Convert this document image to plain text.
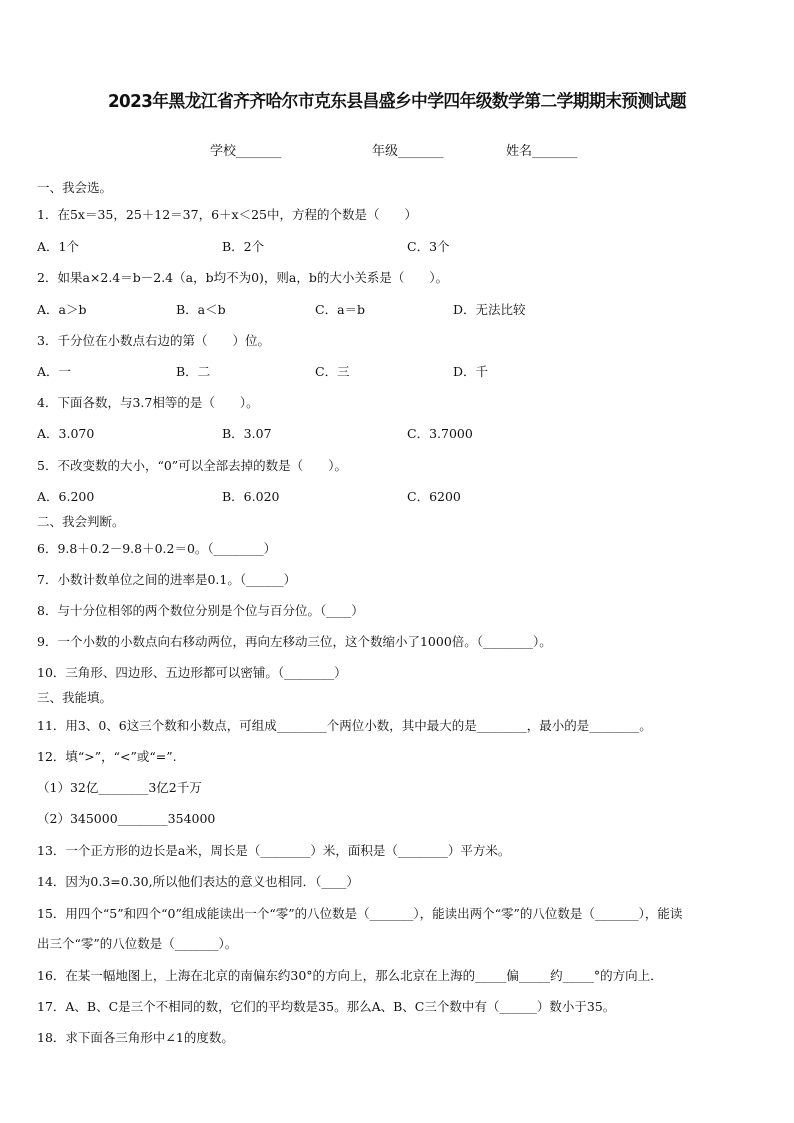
2023年黑龙江省齐齐哈尔市克东县昌盛乡中学四年级数学第二学期期末预测试题
学校_______	年级_______	姓名_______
一、我会选。
1．在5x＝35，25＋12＝37，6＋x＜25中，方程的个数是（　　）
A．1个	B．2个	C．3个
2．如果a×2.4＝b－2.4（a，b均不为0)，则a，b的大小关系是（　　）。
A．a＞b	B．a＜b	C．a＝b	D．无法比较
3．千分位在小数点右边的第（　　）位。
A．一	B．二	C．三	D．千
4．下面各数，与3.7相等的是（　　）。
A．3.070	B．3.07	C．3.7000
5．不改变数的大小，“0”可以全部去掉的数是（　　）。
A．6.200	B．6.020	C．6200
二、我会判断。
6．9.8＋0.2－9.8＋0.2＝0。（________）
7．小数计数单位之间的进率是0.1。（______）
8．与十分位相邻的两个数位分别是个位与百分位。（____）
9．一个小数的小数点向右移动两位，再向左移动三位，这个数缩小了1000倍。（________）。
10．三角形、四边形、五边形都可以密铺。（________）
三、我能填。
11．用3、0、6这三个数和小数点，可组成________个两位小数，其中最大的是________，最小的是________。
12．填“>”，“<”或“=”.
（1）32亿________3亿2千万
（2）345000________354000
13．一个正方形的边长是a米，周长是（________）米，面积是（________）平方米。
14．因为0.3=0.30,所以他们表达的意义也相同．（____）
15．用四个“5”和四个“0”组成能读出一个“零”的八位数是（_______），能读出两个“零”的八位数是（_______），能读
出三个“零”的八位数是（_______）。
16．在某一幅地图上，上海在北京的南偏东约30°的方向上，那么北京在上海的_____偏_____约_____°的方向上．
17．A、B、C是三个不相同的数，它们的平均数是35。那么A、B、C三个数中有（______）数小于35。
18．求下面各三角形中∠1的度数。
